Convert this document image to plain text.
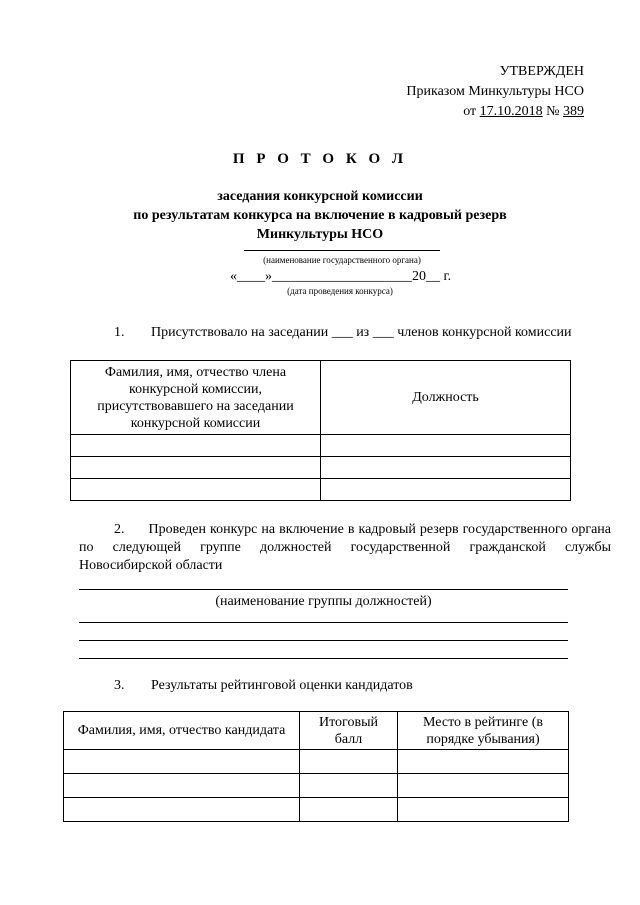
УТВЕРЖДЕН
Приказом Минкультуры НСО
от 17.10.2018 № 389
П Р О Т О К О Л
заседания конкурсной комиссии
по результатам конкурса на включение в кадровый резерв
Минкультуры НСО
(наименование государственного органа)
«____»____________________20__ г.
(дата проведения конкурса)
1. Присутствовало на заседании ___ из ___ членов конкурсной комиссии
Фамилия, имя, отчество члена конкурсной комиссии, присутствовавшего на заседании конкурсной комиссии	Должность

2. Проведен конкурс на включение в кадровый резерв государственного органа по следующей группе должностей государственной гражданской службы Новосибирской области
(наименование группы должностей)
3. Результаты рейтинговой оценки кандидатов
Фамилия, имя, отчество кандидата	Итоговый балл	Место в рейтинге (в порядке убывания)
